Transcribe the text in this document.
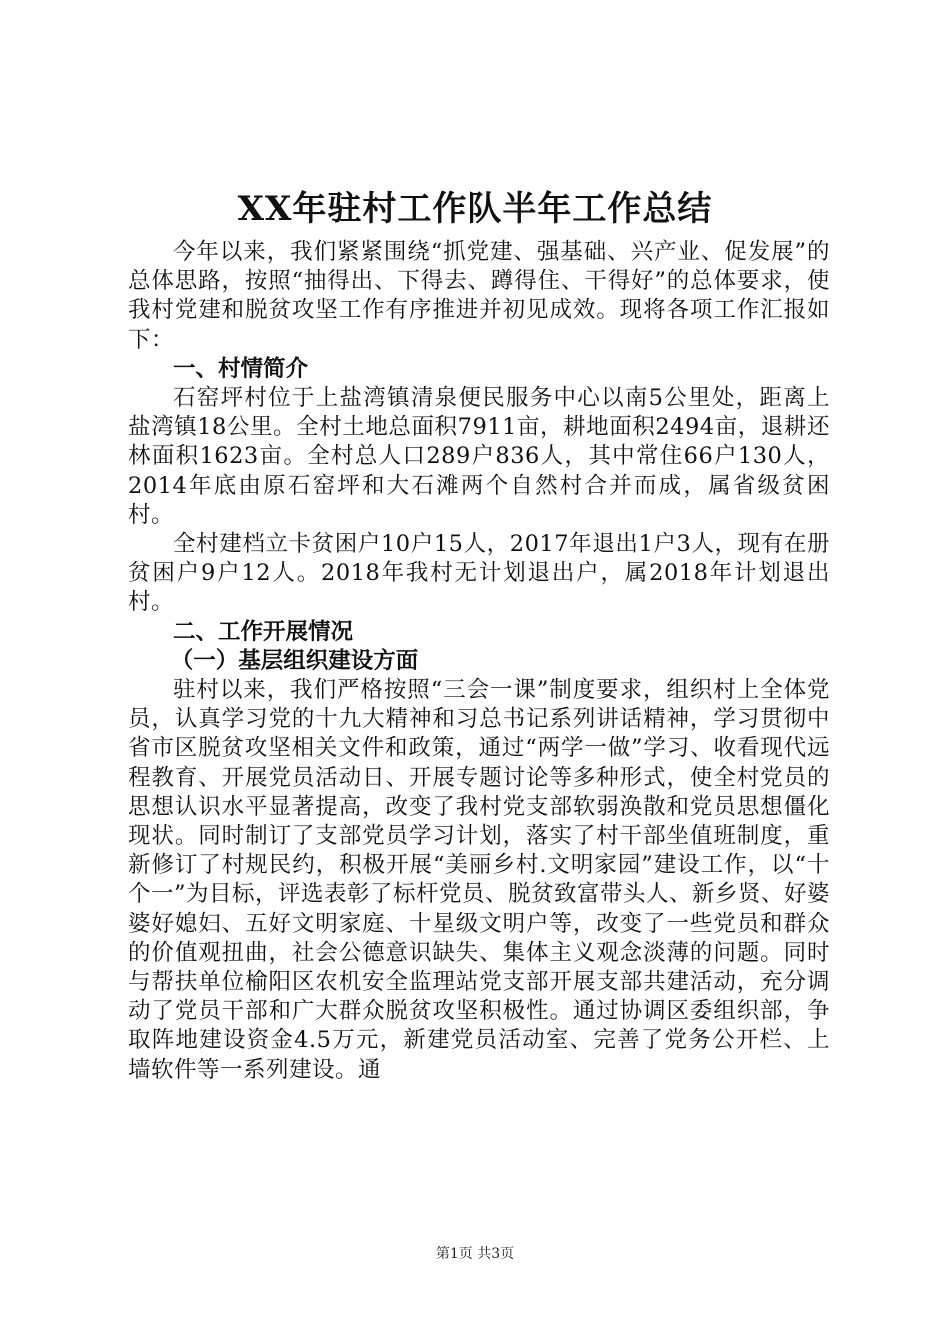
XX年驻村工作队半年工作总结

今年以来，我们紧紧围绕“抓党建、强基础、兴产业、促发展”的总体思路，按照“抽得出、下得去、蹲得住、干得好”的总体要求，使我村党建和脱贫攻坚工作有序推进并初见成效。现将各项工作汇报如下：

一、村情简介

石窑坪村位于上盐湾镇清泉便民服务中心以南5公里处，距离上盐湾镇18公里。全村土地总面积7911亩，耕地面积2494亩，退耕还林面积1623亩。全村总人口289户836人，其中常住66户130人，2014年底由原石窑坪和大石滩两个自然村合并而成，属省级贫困村。

全村建档立卡贫困户10户15人，2017年退出1户3人，现有在册贫困户9户12人。2018年我村无计划退出户，属2018年计划退出村。

二、工作开展情况
（一）基层组织建设方面

驻村以来，我们严格按照“三会一课”制度要求，组织村上全体党员，认真学习党的十九大精神和习总书记系列讲话精神，学习贯彻中省市区脱贫攻坚相关文件和政策，通过“两学一做”学习、收看现代远程教育、开展党员活动日、开展专题讨论等多种形式，使全村党员的思想认识水平显著提高，改变了我村党支部软弱涣散和党员思想僵化现状。同时制订了支部党员学习计划，落实了村干部坐值班制度，重新修订了村规民约，积极开展“美丽乡村.文明家园”建设工作，以“十个一”为目标，评选表彰了标杆党员、脱贫致富带头人、新乡贤、好婆婆好媳妇、五好文明家庭、十星级文明户等，改变了一些党员和群众的价值观扭曲，社会公德意识缺失、集体主义观念淡薄的问题。同时与帮扶单位榆阳区农机安全监理站党支部开展支部共建活动，充分调动了党员干部和广大群众脱贫攻坚积极性。通过协调区委组织部，争取阵地建设资金4.5万元，新建党员活动室、完善了党务公开栏、上墙软件等一系列建设。通

第1页 共3页
